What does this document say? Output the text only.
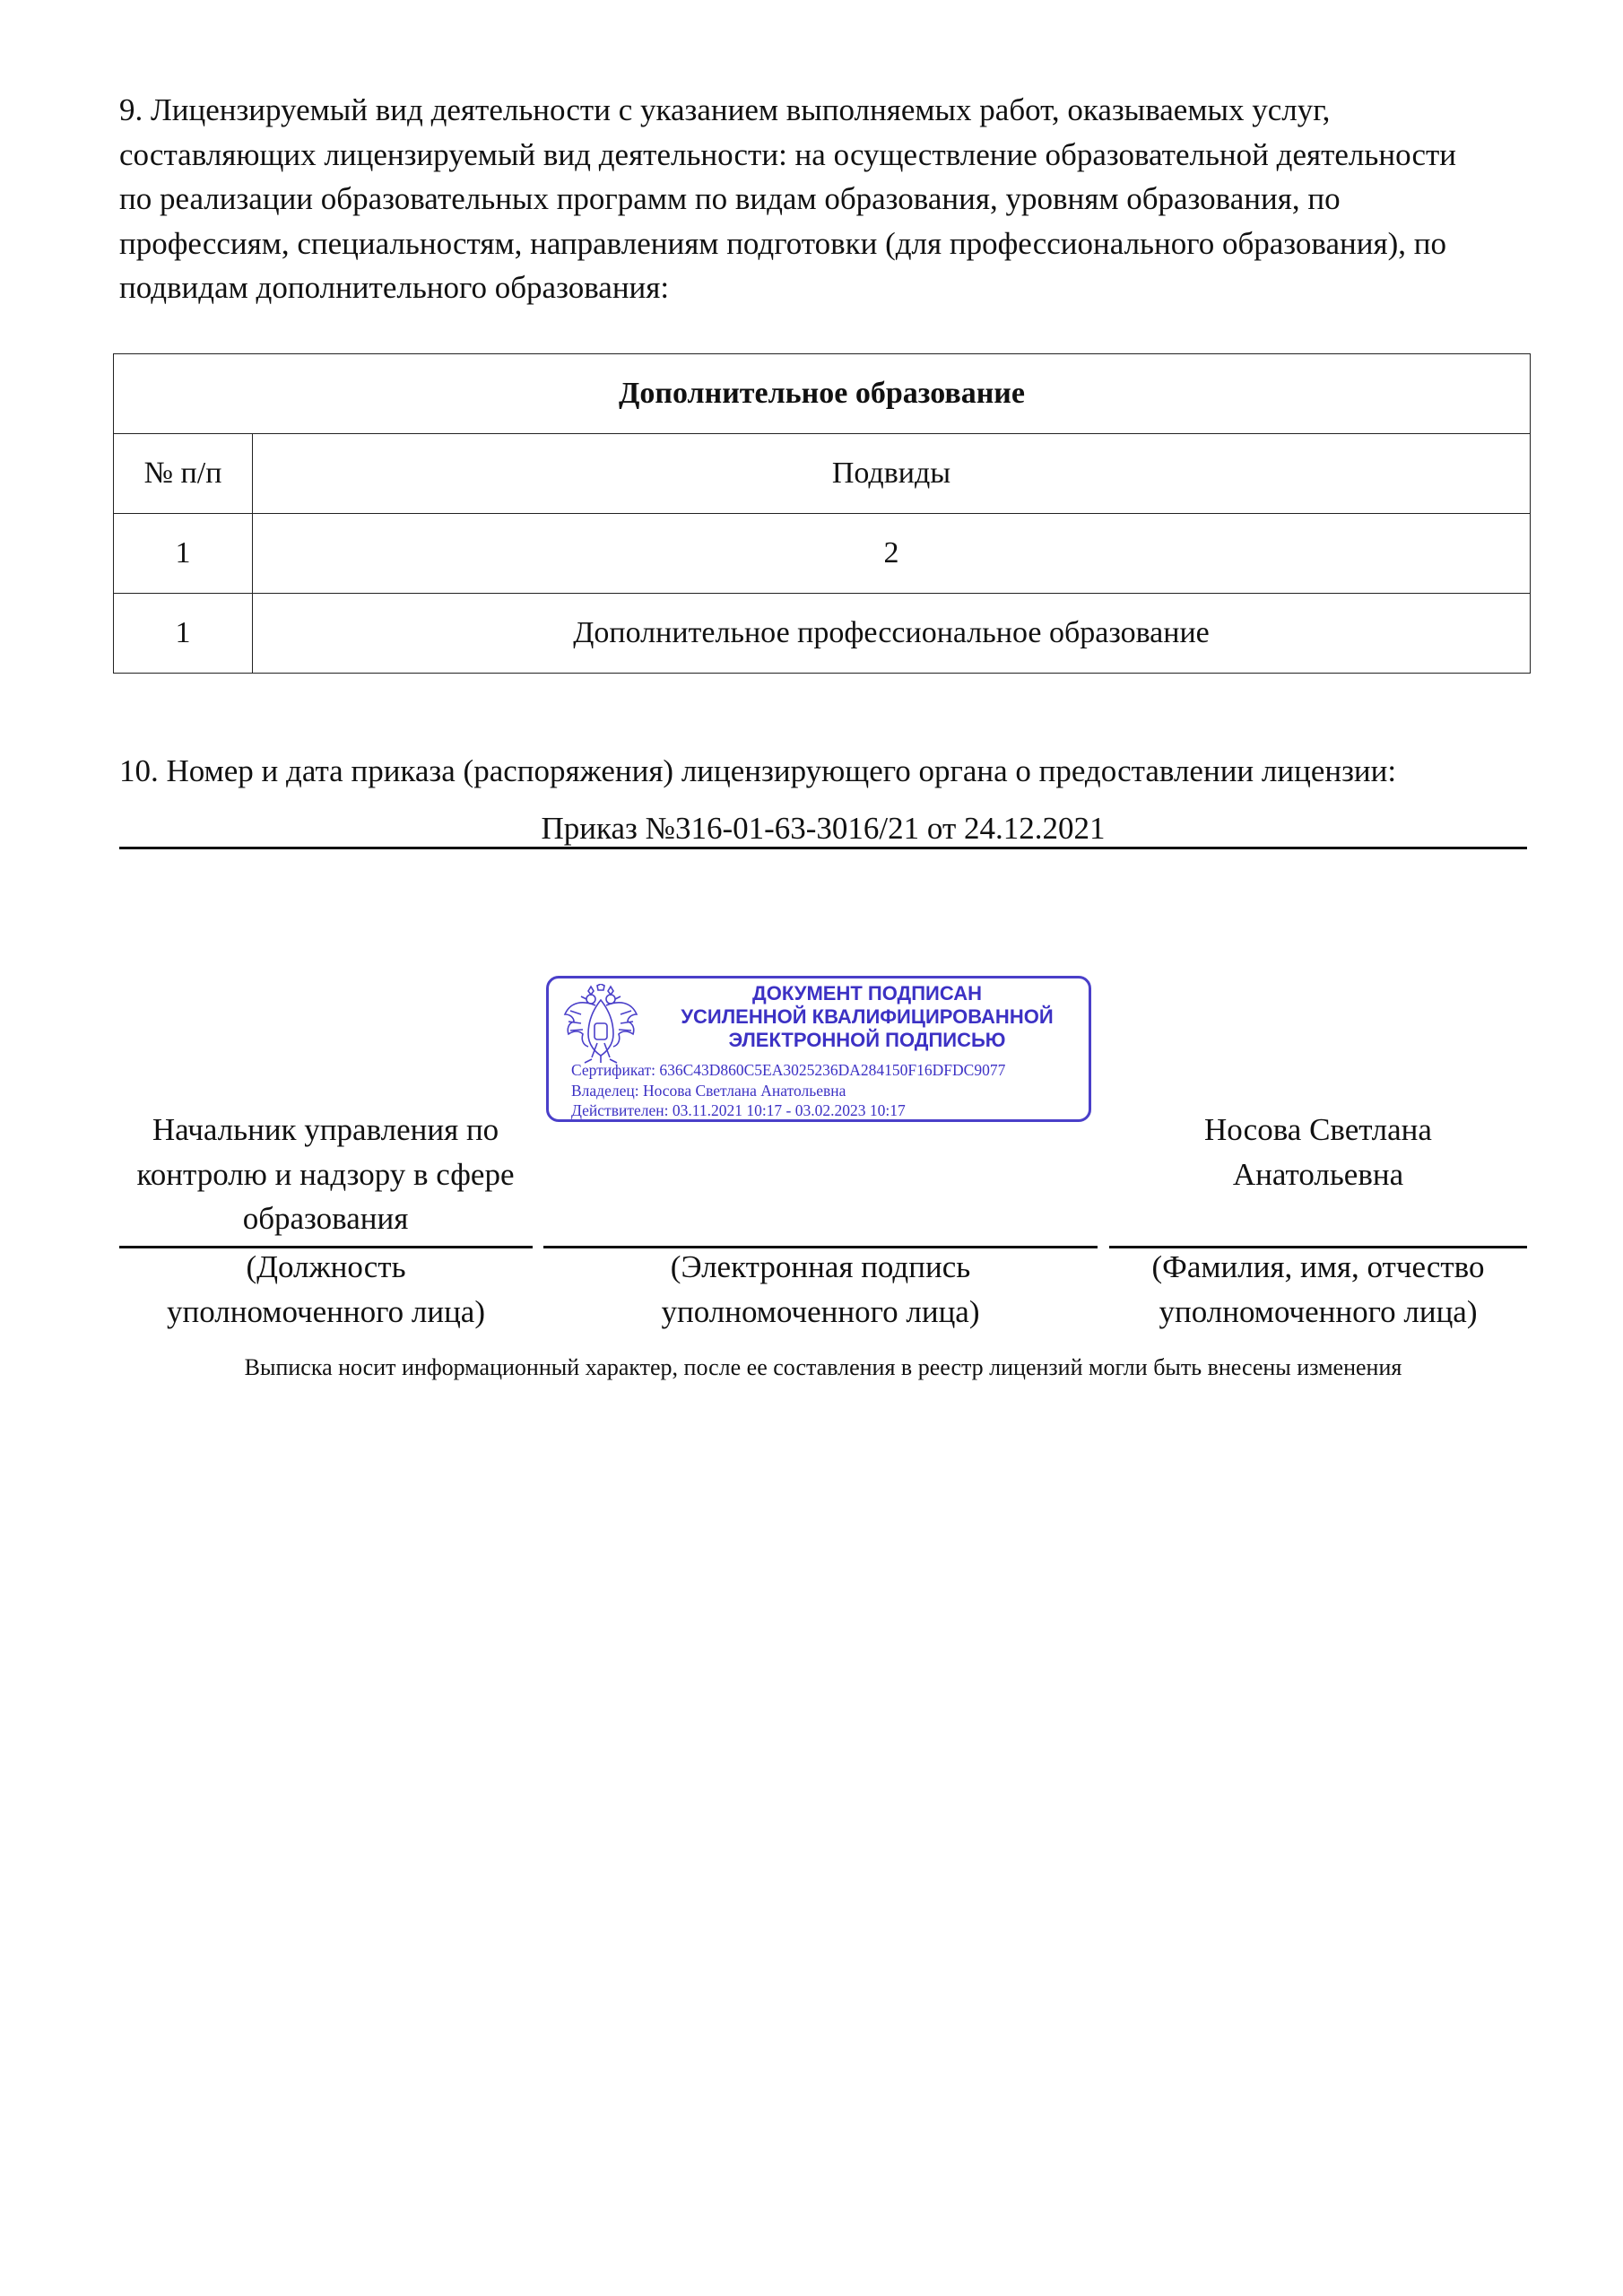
9. Лицензируемый вид деятельности с указанием выполняемых работ, оказываемых услуг,
составляющих лицензируемый вид деятельности: на осуществление образовательной деятельности
по реализации образовательных программ по видам образования, уровням образования, по
профессиям, специальностям, направлениям подготовки (для профессионального образования), по
подвидам дополнительного образования:

Дополнительное образование	
№ п/п	Подвиды
1	2
1	Дополнительное профессиональное образование

10. Номер и дата приказа (распоряжения) лицензирующего органа о предоставлении лицензии:

Приказ №316-01-63-3016/21 от 24.12.2021
ДОКУМЕНТ ПОДПИСАН
УСИЛЕННОЙ КВАЛИФИЦИРОВАННОЙ
ЭЛЕКТРОННОЙ ПОДПИСЬЮ
Сертификат: 636C43D860C5EA3025236DA284150F16DFDC9077
Владелец: Носова Светлана Анатольевна
Действителен: 03.11.2021 10:17 - 03.02.2023 10:17
Начальник управления по
контролю и надзору в сфере
образования
Носова Светлана
Анатольевна
(Должность
уполномоченного лица)
(Электронная подпись
уполномоченного лица)
(Фамилия, имя, отчество
уполномоченного лица)
Выписка носит информационный характер, после ее составления в реестр лицензий могли быть внесены изменения
